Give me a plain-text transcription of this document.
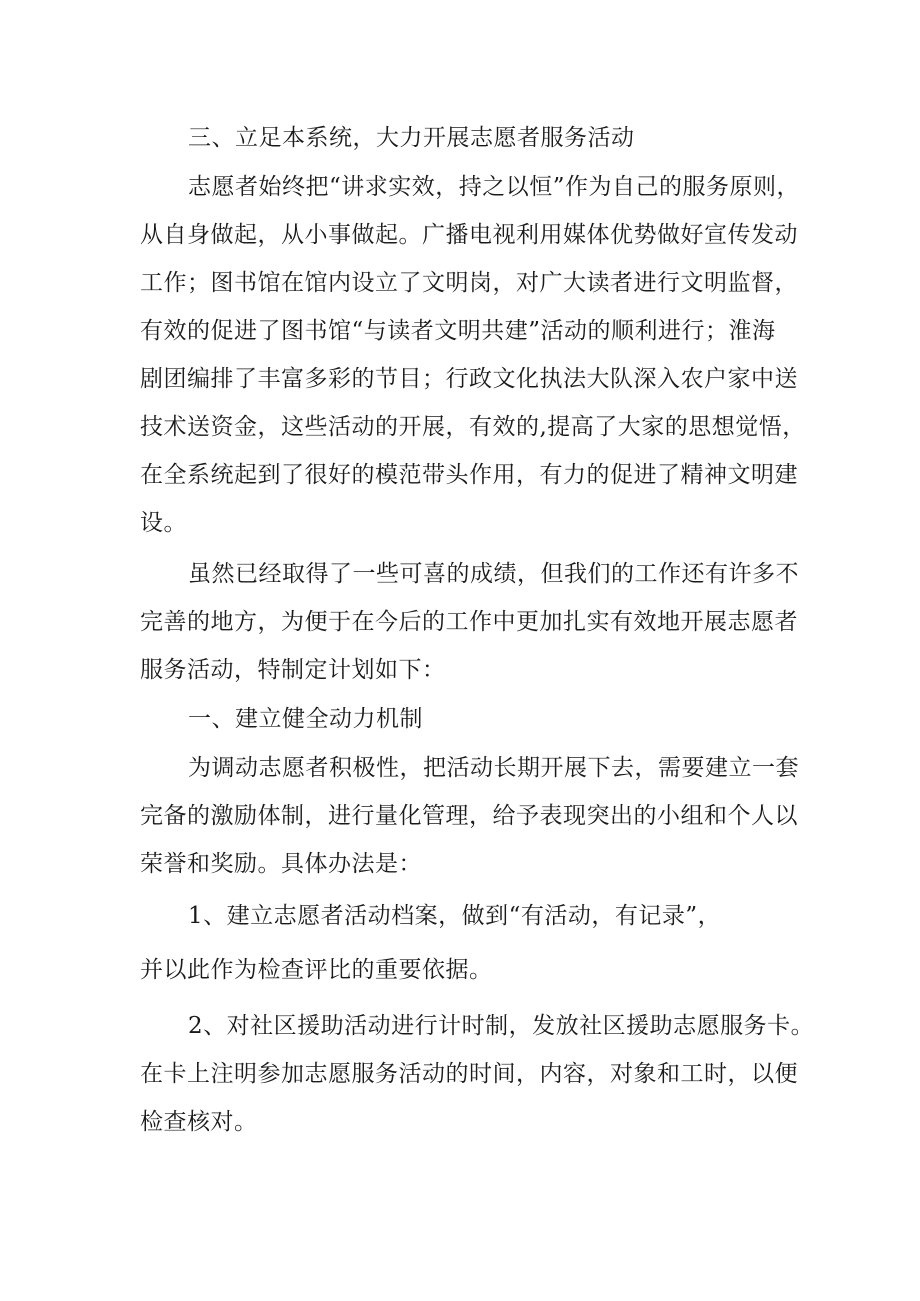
三、立足本系统，大力开展志愿者服务活动
志愿者始终把“讲求实效，持之以恒”作为自己的服务原则，
从自身做起，从小事做起。广播电视利用媒体优势做好宣传发动
工作；图书馆在馆内设立了文明岗，对广大读者进行文明监督，
有效的促进了图书馆“与读者文明共建”活动的顺利进行；淮海
剧团编排了丰富多彩的节目；行政文化执法大队深入农户家中送
技术送资金，这些活动的开展，有效的,提高了大家的思想觉悟，
在全系统起到了很好的模范带头作用，有力的促进了精神文明建
设。
虽然已经取得了一些可喜的成绩，但我们的工作还有许多不
完善的地方，为便于在今后的工作中更加扎实有效地开展志愿者
服务活动，特制定计划如下：
一、建立健全动力机制
为调动志愿者积极性，把活动长期开展下去，需要建立一套
完备的激励体制，进行量化管理，给予表现突出的小组和个人以
荣誉和奖励。具体办法是：
1、建立志愿者活动档案，做到“有活动，有记录”，
并以此作为检查评比的重要依据。
2、对社区援助活动进行计时制，发放社区援助志愿服务卡。
在卡上注明参加志愿服务活动的时间，内容，对象和工时，以便
检查核对。
